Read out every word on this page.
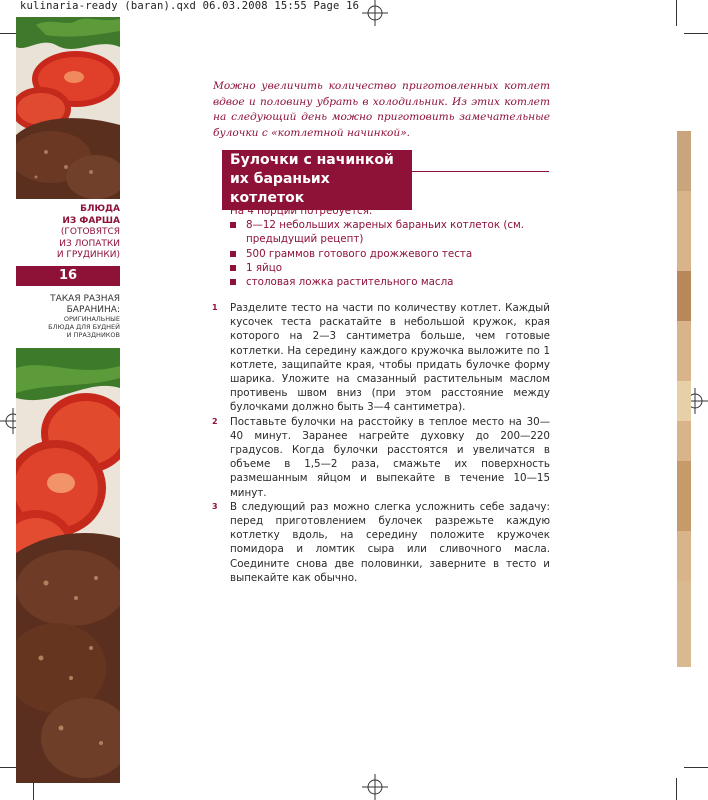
kulinaria-ready (baran).qxd 06.03.2008 15:55 Page 16
БЛЮДА
ИЗ ФАРША
(ГОТОВЯТСЯ
ИЗ ЛОПАТКИ
И ГРУДИНКИ)
16
ТАКАЯ РАЗНАЯ
БАРАНИНА:
ОРИГИНАЛЬНЫЕ
БЛЮДА ДЛЯ БУДНЕЙ
И ПРАЗДНИКОВ
Можно увеличить количество приготовленных котлет вдвое и половину убрать в холодильник. Из этих котлет на следующий день можно приготовить замечательные булочки с «котлетной начинкой».
Булочки с начинкой
их бараньих котлеток
На 4 порции потребуется:
8—12 небольших жареных бараньих котлеток (см. предыдущий рецепт)
500 граммов готового дрожжевого теста
1 яйцо
столовая ложка растительного масла
1 Разделите тесто на части по количеству котлет. Каждый кусочек теста раскатайте в небольшой кружок, края которого на 2—3 сантиметра больше, чем готовые котлетки. На середину каждого кружочка выложите по 1 котлете, защипайте края, чтобы придать булочке форму шарика. Уложите на смазанный растительным маслом противень швом вниз (при этом расстояние между булочками должно быть 3—4 сантиметра).
2 Поставьте булочки на расстойку в теплое место на 30—40 минут. Заранее нагрейте духовку до 200—220 градусов. Когда булочки расстоятся и увеличатся в объеме в 1,5—2 раза, смажьте их поверхность размешанным яйцом и выпекайте в течение 10—15 минут.
3 В следующий раз можно слегка усложнить себе задачу: перед приготовлением булочек разрежьте каждую котлетку вдоль, на середину положите кружочек помидора и ломтик сыра или сливочного масла. Соедините снова две половинки, заверните в тесто и выпекайте как обычно.
